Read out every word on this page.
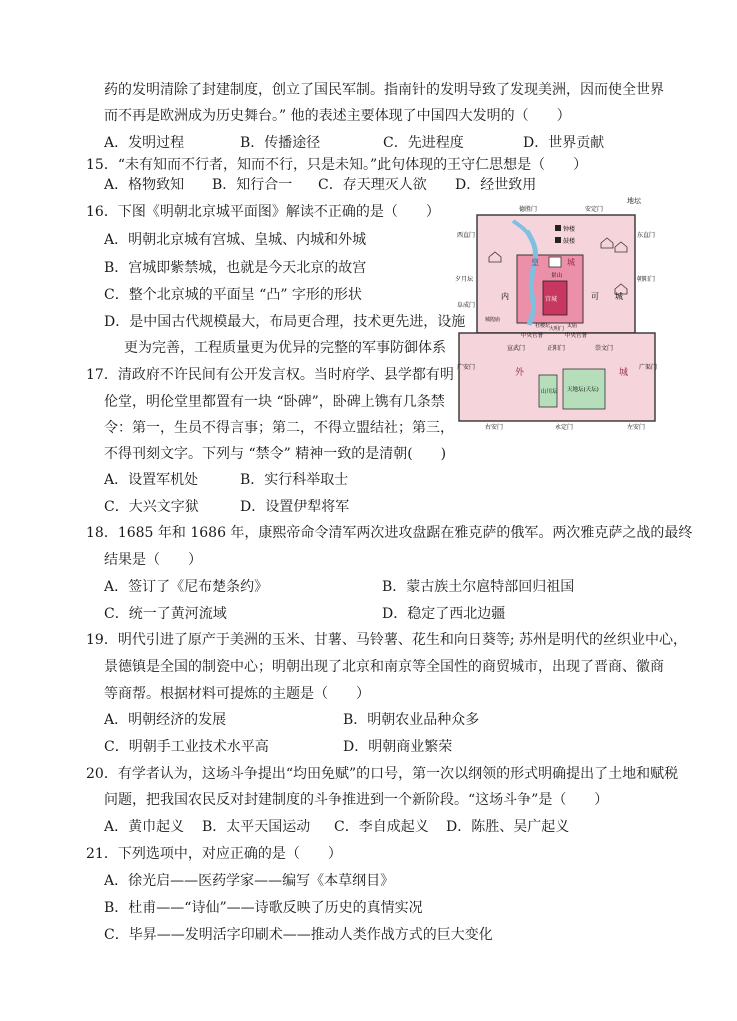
药的发明清除了封建制度，创立了国民军制。指南针的发明导致了发现美洲，因而使全世界
而不再是欧洲成为历史舞台。” 他的表述主要体现了中国四大发明的（　　）
A．发明过程	B．传播途径	C．先进程度	D．世界贡献
15．“未有知而不行者，知而不行，只是未知。”此句体现的王守仁思想是（　　）
A．格物致知 B．知行合一 C．存天理灭人欲 D．经世致用
16．下图《明朝北京城平面图》解读不正确的是（　　）
A．明朝北京城有宫城、皇城、内城和外城
B．宫城即紫禁城，也就是今天北京的故宫
C．整个北京城的平面呈 “凸” 字形的形状
D．是中国古代规模最大，布局更合理，技术更先进，设施
更为完善，工程质量更为优异的完整的军事防御体系
地坛
德胜门	安定门
钟楼
鼓楼
西直门	东直门
皇	城
景山
宫城
内	可 城
夕月坛	朝阳门
阜成门
社稷坛	太庙
城隍庙
中央官署	中央官署
大明门
正阳门
宣武门	崇文门
外	城
山川坛 天地坛(天坛)
广安门	广渠门
右安门	永定门	左安门
17．清政府不许民间有公开发言权。当时府学、县学都有明
伦堂，明伦堂里都置有一块 “卧碑”，卧碑上镌有几条禁
令：第一，生员不得言事；第二，不得立盟结社；第三，
不得刊刻文字。下列与 “禁令” 精神一致的是清朝(　　)
A．设置军机处	B．实行科举取士
C．大兴文字狱	D．设置伊犁将军
18．1685 年和 1686 年，康熙帝命令清军两次进攻盘踞在雅克萨的俄军。两次雅克萨之战的最终
结果是（　　）
A．签订了《尼布楚条约》	B．蒙古族土尔扈特部回归祖国
C．统一了黄河流域	D．稳定了西北边疆
19．明代引进了原产于美洲的玉米、甘薯、马铃薯、花生和向日葵等; 苏州是明代的丝织业中心，
景德镇是全国的制瓷中心；明朝出现了北京和南京等全国性的商贸城市，出现了晋商、徽商
等商帮。根据材料可提炼的主题是（　　）
A．明朝经济的发展	B．明朝农业品种众多
C．明朝手工业技术水平高	D．明朝商业繁荣
20．有学者认为，这场斗争提出“均田免赋”的口号，第一次以纲领的形式明确提出了土地和赋税
问题，把我国农民反对封建制度的斗争推进到一个新阶段。“这场斗争”是（　　）
A．黄巾起义 B．太平天国运动 C．李自成起义 D．陈胜、吴广起义
21．下列选项中，对应正确的是（　　）
A．徐光启——医药学家——编写《本草纲目》
B．杜甫——“诗仙”——诗歌反映了历史的真情实况
C．毕昇——发明活字印刷术——推动人类作战方式的巨大变化
